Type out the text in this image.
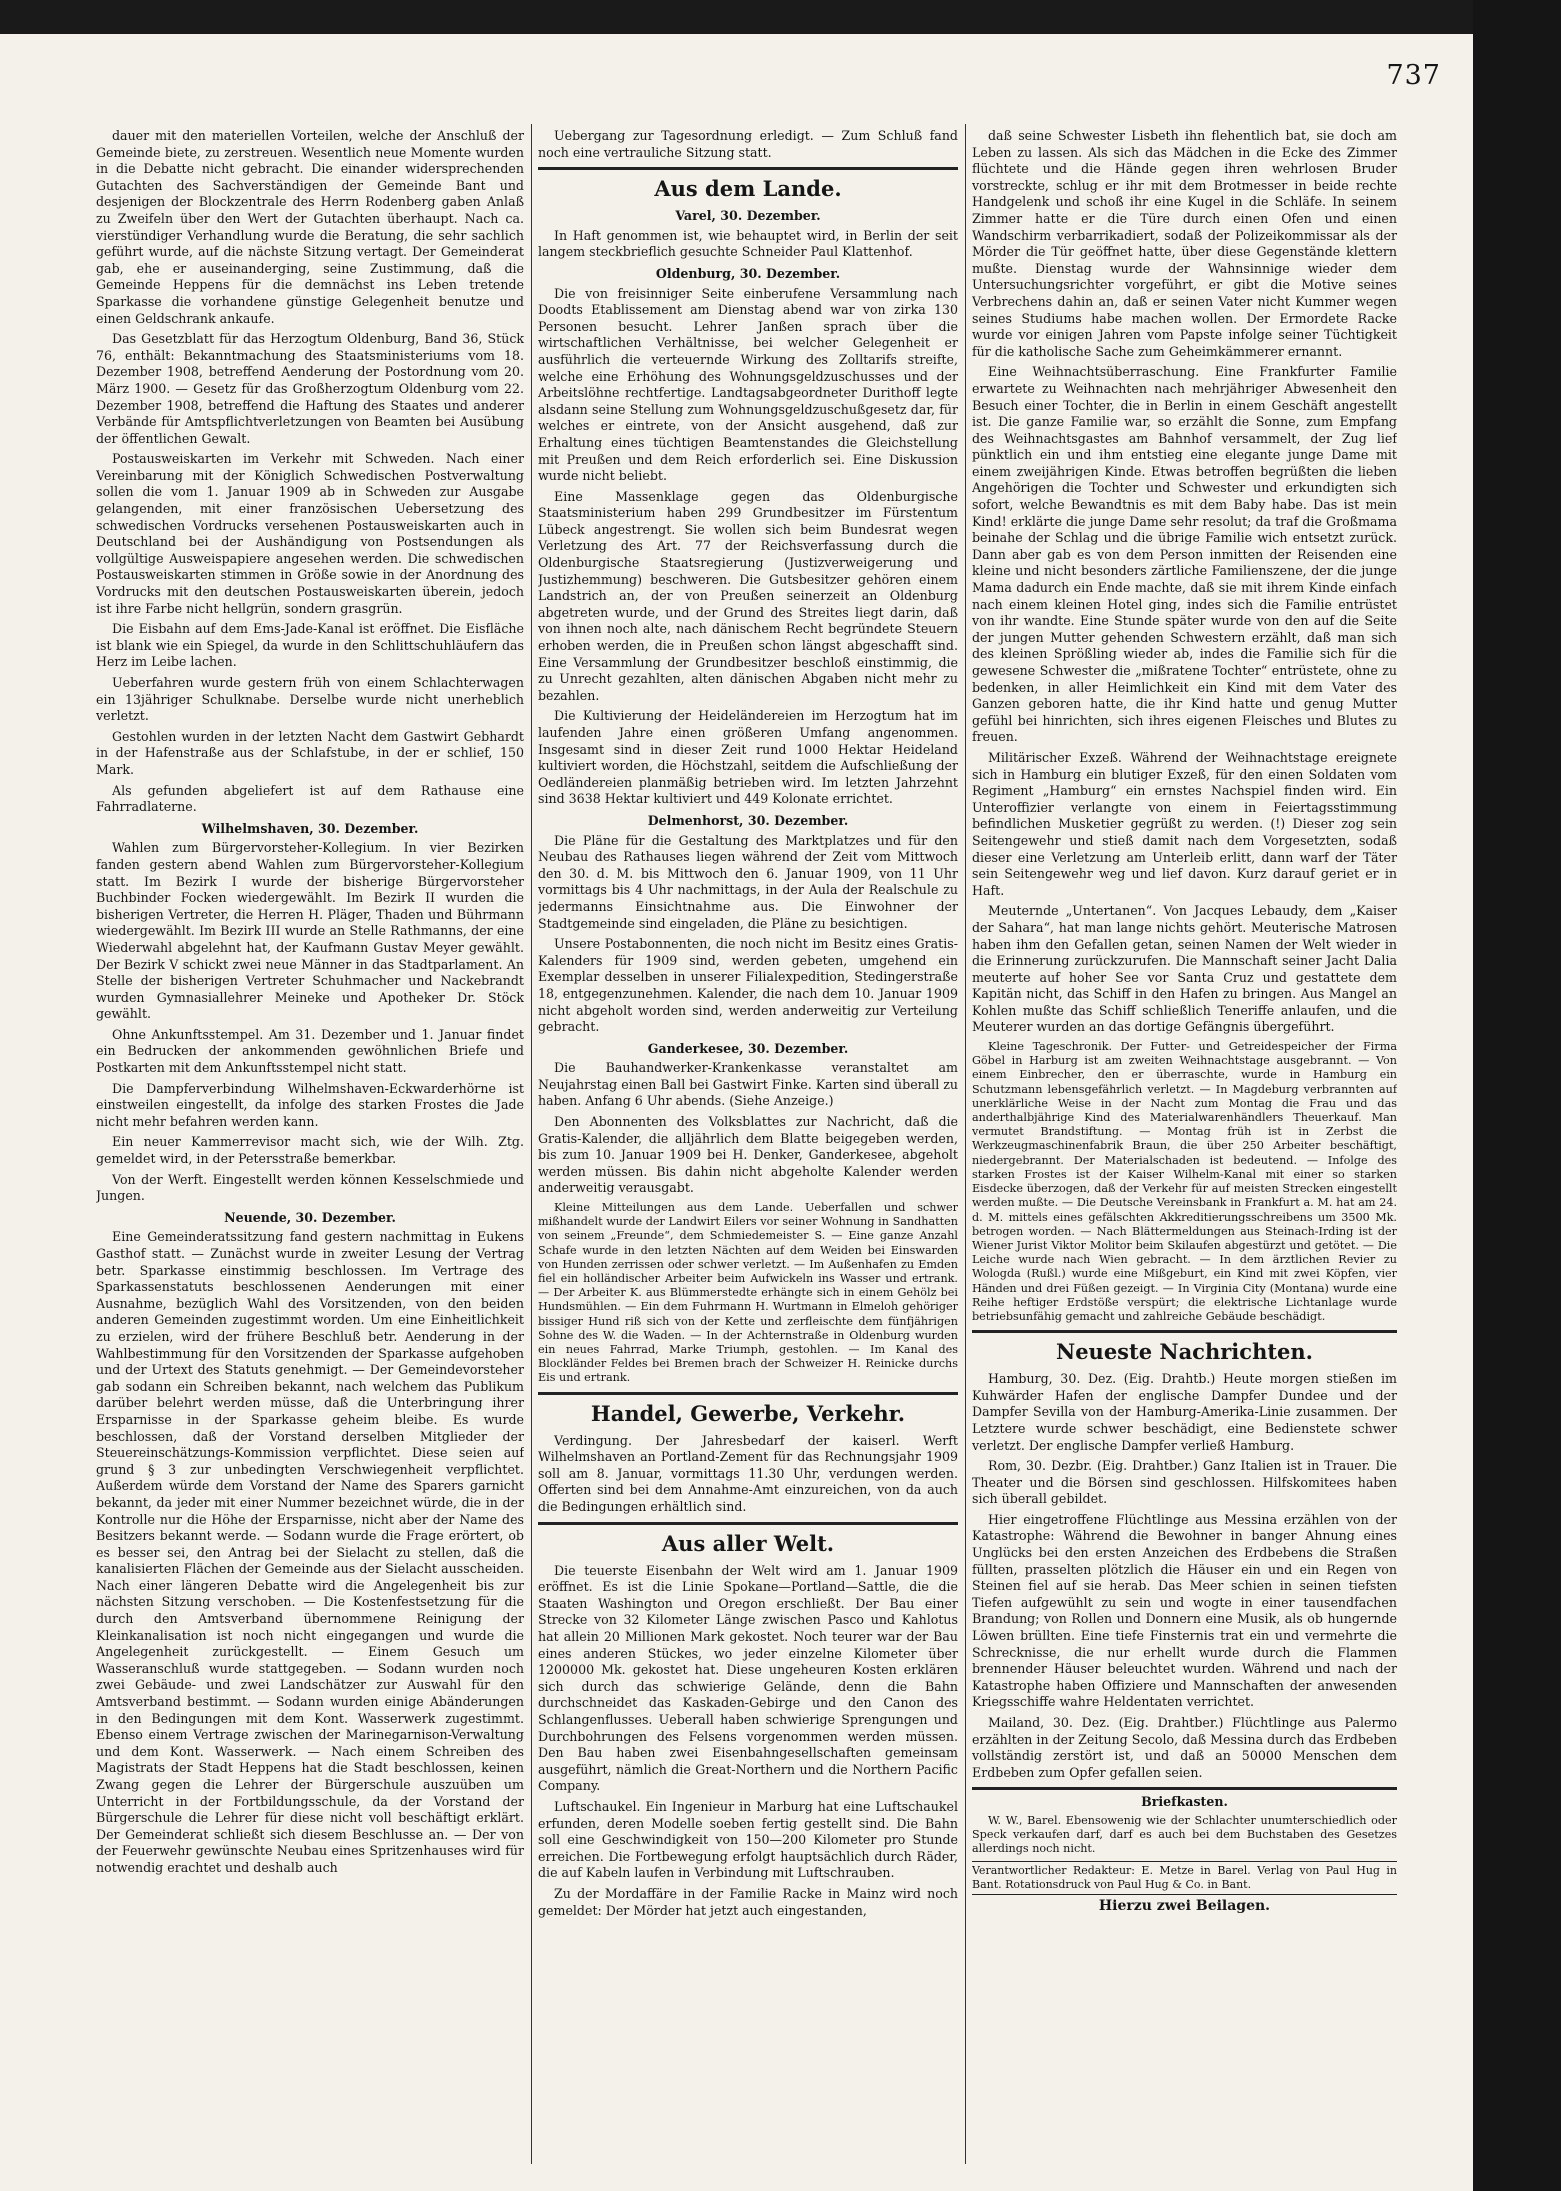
737

dauer mit den materiellen Vorteilen, welche der Anschluß der Gemeinde biete, zu zerstreuen. Wesentlich neue Momente wurden in die Debatte nicht gebracht. Die einander widersprechenden Gutachten des Sachverständigen der Gemeinde Bant und desjenigen der Blockzentrale des Herrn Rodenberg gaben Anlaß zu Zweifeln über den Wert der Gutachten überhaupt. Nach ca. vierstündiger Verhandlung wurde die Beratung, die sehr sachlich geführt wurde, auf die nächste Sitzung vertagt. Der Gemeinderat gab, ehe er auseinanderging, seine Zustimmung, daß die Gemeinde Heppens für die demnächst ins Leben tretende Sparkasse die vorhandene günstige Gelegenheit benutze und einen Geldschrank ankaufe.

Das Gesetzblatt für das Herzogtum Oldenburg, Band 36, Stück 76, enthält: Bekanntmachung des Staatsministeriums vom 18. Dezember 1908, betreffend Aenderung der Postordnung vom 20. März 1900. — Gesetz für das Großherzogtum Oldenburg vom 22. Dezember 1908, betreffend die Haftung des Staates und anderer Verbände für Amtspflichtverletzungen von Beamten bei Ausübung der öffentlichen Gewalt.

Postausweiskarten im Verkehr mit Schweden. Nach einer Vereinbarung mit der Königlich Schwedischen Postverwaltung sollen die vom 1. Januar 1909 ab in Schweden zur Ausgabe gelangenden, mit einer französischen Uebersetzung des schwedischen Vordrucks versehenen Postausweiskarten auch in Deutschland bei der Aushändigung von Postsendungen als vollgültige Ausweispapiere angesehen werden. Die schwedischen Postausweiskarten stimmen in Größe sowie in der Anordnung des Vordrucks mit den deutschen Postausweiskarten überein, jedoch ist ihre Farbe nicht hellgrün, sondern grasgrün.

Die Eisbahn auf dem Ems-Jade-Kanal ist eröffnet. Die Eisfläche ist blank wie ein Spiegel, da wurde in den Schlittschuhläufern das Herz im Leibe lachen.

Ueberfahren wurde gestern früh von einem Schlachterwagen ein 13jähriger Schulknabe. Derselbe wurde nicht unerheblich verletzt.

Gestohlen wurden in der letzten Nacht dem Gastwirt Gebhardt in der Hafenstraße aus der Schlafstube, in der er schlief, 150 Mark.

Als gefunden abgeliefert ist auf dem Rathause eine Fahrradlaterne.

Wilhelmshaven, 30. Dezember.

Wahlen zum Bürgervorsteher-Kollegium. In vier Bezirken fanden gestern abend Wahlen zum Bürgervorsteher-Kollegium statt. Im Bezirk I wurde der bisherige Bürgervorsteher Buchbinder Focken wiedergewählt. Im Bezirk II wurden die bisherigen Vertreter, die Herren H. Pläger, Thaden und Bührmann wiedergewählt. Im Bezirk III wurde an Stelle Rathmanns, der eine Wiederwahl abgelehnt hat, der Kaufmann Gustav Meyer gewählt. Der Bezirk V schickt zwei neue Männer in das Stadtparlament. An Stelle der bisherigen Vertreter Schuhmacher und Nackebrandt wurden Gymnasiallehrer Meineke und Apotheker Dr. Stöck gewählt.

Ohne Ankunftsstempel. Am 31. Dezember und 1. Januar findet ein Bedrucken der ankommenden gewöhnlichen Briefe und Postkarten mit dem Ankunftsstempel nicht statt.

Die Dampferverbindung Wilhelmshaven-Eckwarderhörne ist einstweilen eingestellt, da infolge des starken Frostes die Jade nicht mehr befahren werden kann.

Ein neuer Kammerrevisor macht sich, wie der Wilh. Ztg. gemeldet wird, in der Petersstraße bemerkbar.

Von der Werft. Eingestellt werden können Kesselschmiede und Jungen.

Neuende, 30. Dezember.

Eine Gemeinderatssitzung fand gestern nachmittag in Eukens Gasthof statt. — Zunächst wurde in zweiter Lesung der Vertrag betr. Sparkasse einstimmig beschlossen. Im Vertrage des Sparkassenstatuts beschlossenen Aenderungen mit einer Ausnahme, bezüglich Wahl des Vorsitzenden, von den beiden anderen Gemeinden zugestimmt worden. Um eine Einheitlichkeit zu erzielen, wird der frühere Beschluß betr. Aenderung in der Wahlbestimmung für den Vorsitzenden der Sparkasse aufgehoben und der Urtext des Statuts genehmigt. — Der Gemeindevorsteher gab sodann ein Schreiben bekannt, nach welchem das Publikum darüber belehrt werden müsse, daß die Unterbringung ihrer Ersparnisse in der Sparkasse geheim bleibe. Es wurde beschlossen, daß der Vorstand derselben Mitglieder der Steuereinschätzungs-Kommission verpflichtet. Diese seien auf grund § 3 zur unbedingten Verschwiegenheit verpflichtet. Außerdem würde dem Vorstand der Name des Sparers garnicht bekannt, da jeder mit einer Nummer bezeichnet würde, die in der Kontrolle nur die Höhe der Ersparnisse, nicht aber der Name des Besitzers bekannt werde. — Sodann wurde die Frage erörtert, ob es besser sei, den Antrag bei der Sielacht zu stellen, daß die kanalisierten Flächen der Gemeinde aus der Sielacht ausscheiden. Nach einer längeren Debatte wird die Angelegenheit bis zur nächsten Sitzung verschoben. — Die Kostenfestsetzung für die durch den Amtsverband übernommene Reinigung der Kleinkanalisation ist noch nicht eingegangen und wurde die Angelegenheit zurückgestellt. — Einem Gesuch um Wasseranschluß wurde stattgegeben. — Sodann wurden noch zwei Gebäude- und zwei Landschätzer zur Auswahl für den Amtsverband bestimmt. — Sodann wurden einige Abänderungen in den Bedingungen mit dem Kont. Wasserwerk zugestimmt. Ebenso einem Vertrage zwischen der Marinegarnison-Verwaltung und dem Kont. Wasserwerk. — Nach einem Schreiben des Magistrats der Stadt Heppens hat die Stadt beschlossen, keinen Zwang gegen die Lehrer der Bürgerschule auszuüben um Unterricht in der Fortbildungsschule, da der Vorstand der Bürgerschule die Lehrer für diese nicht voll beschäftigt erklärt. Der Gemeinderat schließt sich diesem Beschlusse an. — Der von der Feuerwehr gewünschte Neubau eines Spritzenhauses wird für notwendig erachtet und deshalb auch

Uebergang zur Tagesordnung erledigt. — Zum Schluß fand noch eine vertrauliche Sitzung statt.

Aus dem Lande.
Varel, 30. Dezember.

In Haft genommen ist, wie behauptet wird, in Berlin der seit langem steckbrieflich gesuchte Schneider Paul Klattenhof.

Oldenburg, 30. Dezember.

Die von freisinniger Seite einberufene Versammlung nach Doodts Etablissement am Dienstag abend war von zirka 130 Personen besucht. Lehrer Janßen sprach über die wirtschaftlichen Verhältnisse, bei welcher Gelegenheit er ausführlich die verteuernde Wirkung des Zolltarifs streifte, welche eine Erhöhung des Wohnungsgeldzuschusses und der Arbeitslöhne rechtfertige. Landtagsabgeordneter Durithoff legte alsdann seine Stellung zum Wohnungsgeldzuschußgesetz dar, für welches er eintrete, von der Ansicht ausgehend, daß zur Erhaltung eines tüchtigen Beamtenstandes die Gleichstellung mit Preußen und dem Reich erforderlich sei. Eine Diskussion wurde nicht beliebt.

Eine Massenklage gegen das Oldenburgische Staatsministerium haben 299 Grundbesitzer im Fürstentum Lübeck angestrengt. Sie wollen sich beim Bundesrat wegen Verletzung des Art. 77 der Reichsverfassung durch die Oldenburgische Staatsregierung (Justizverweigerung und Justizhemmung) beschweren. Die Gutsbesitzer gehören einem Landstrich an, der von Preußen seinerzeit an Oldenburg abgetreten wurde, und der Grund des Streites liegt darin, daß von ihnen noch alte, nach dänischem Recht begründete Steuern erhoben werden, die in Preußen schon längst abgeschafft sind. Eine Versammlung der Grundbesitzer beschloß einstimmig, die zu Unrecht gezahlten, alten dänischen Abgaben nicht mehr zu bezahlen.

Die Kultivierung der Heideländereien im Herzogtum hat im laufenden Jahre einen größeren Umfang angenommen. Insgesamt sind in dieser Zeit rund 1000 Hektar Heideland kultiviert worden, die Höchstzahl, seitdem die Aufschließung der Oedländereien planmäßig betrieben wird. Im letzten Jahrzehnt sind 3638 Hektar kultiviert und 449 Kolonate errichtet.

Delmenhorst, 30. Dezember.

Die Pläne für die Gestaltung des Marktplatzes und für den Neubau des Rathauses liegen während der Zeit vom Mittwoch den 30. d. M. bis Mittwoch den 6. Januar 1909, von 11 Uhr vormittags bis 4 Uhr nachmittags, in der Aula der Realschule zu jedermanns Einsichtnahme aus. Die Einwohner der Stadtgemeinde sind eingeladen, die Pläne zu besichtigen.

Unsere Postabonnenten, die noch nicht im Besitz eines Gratis-Kalenders für 1909 sind, werden gebeten, umgehend ein Exemplar desselben in unserer Filialexpedition, Stedingerstraße 18, entgegenzunehmen. Kalender, die nach dem 10. Januar 1909 nicht abgeholt worden sind, werden anderweitig zur Verteilung gebracht.

Ganderkesee, 30. Dezember.

Die Bauhandwerker-Krankenkasse veranstaltet am Neujahrstag einen Ball bei Gastwirt Finke. Karten sind überall zu haben. Anfang 6 Uhr abends. (Siehe Anzeige.)

Den Abonnenten des Volksblattes zur Nachricht, daß die Gratis-Kalender, die alljährlich dem Blatte beigegeben werden, bis zum 10. Januar 1909 bei H. Denker, Ganderkesee, abgeholt werden müssen. Bis dahin nicht abgeholte Kalender werden anderweitig verausgabt.

Kleine Mitteilungen aus dem Lande. Ueberfallen und schwer mißhandelt wurde der Landwirt Eilers vor seiner Wohnung in Sandhatten von seinem „Freunde“, dem Schmiedemeister S. — Eine ganze Anzahl Schafe wurde in den letzten Nächten auf dem Weiden bei Einswarden von Hunden zerrissen oder schwer verletzt. — Im Außenhafen zu Emden fiel ein holländischer Arbeiter beim Aufwickeln ins Wasser und ertrank. — Der Arbeiter K. aus Blümmerstedte erhängte sich in einem Gehölz bei Hundsmühlen. — Ein dem Fuhrmann H. Wurtmann in Elmeloh gehöriger bissiger Hund riß sich von der Kette und zerfleischte dem fünfjährigen Sohne des W. die Waden. — In der Achternstraße in Oldenburg wurden ein neues Fahrrad, Marke Triumph, gestohlen. — Im Kanal des Blockländer Feldes bei Bremen brach der Schweizer H. Reinicke durchs Eis und ertrank.

Handel, Gewerbe, Verkehr.

Verdingung. Der Jahresbedarf der kaiserl. Werft Wilhelmshaven an Portland-Zement für das Rechnungsjahr 1909 soll am 8. Januar, vormittags 11.30 Uhr, verdungen werden. Offerten sind bei dem Annahme-Amt einzureichen, von da auch die Bedingungen erhältlich sind.

Aus aller Welt.

Die teuerste Eisenbahn der Welt wird am 1. Januar 1909 eröffnet. Es ist die Linie Spokane—Portland—Sattle, die die Staaten Washington und Oregon erschließt. Der Bau einer Strecke von 32 Kilometer Länge zwischen Pasco und Kahlotus hat allein 20 Millionen Mark gekostet. Noch teurer war der Bau eines anderen Stückes, wo jeder einzelne Kilometer über 1200000 Mk. gekostet hat. Diese ungeheuren Kosten erklären sich durch das schwierige Gelände, denn die Bahn durchschneidet das Kaskaden-Gebirge und den Canon des Schlangenflusses. Ueberall haben schwierige Sprengungen und Durchbohrungen des Felsens vorgenommen werden müssen. Den Bau haben zwei Eisenbahngesellschaften gemeinsam ausgeführt, nämlich die Great-Northern und die Northern Pacific Company.

Luftschaukel. Ein Ingenieur in Marburg hat eine Luftschaukel erfunden, deren Modelle soeben fertig gestellt sind. Die Bahn soll eine Geschwindigkeit von 150—200 Kilometer pro Stunde erreichen. Die Fortbewegung erfolgt hauptsächlich durch Räder, die auf Kabeln laufen in Verbindung mit Luftschrauben.

Zu der Mordaffäre in der Familie Racke in Mainz wird noch gemeldet: Der Mörder hat jetzt auch eingestanden,

daß seine Schwester Lisbeth ihn flehentlich bat, sie doch am Leben zu lassen. Als sich das Mädchen in die Ecke des Zimmer flüchtete und die Hände gegen ihren wehrlosen Bruder vorstreckte, schlug er ihr mit dem Brotmesser in beide rechte Handgelenk und schoß ihr eine Kugel in die Schläfe. In seinem Zimmer hatte er die Türe durch einen Ofen und einen Wandschirm verbarrikadiert, sodaß der Polizeikommissar als der Mörder die Tür geöffnet hatte, über diese Gegenstände klettern mußte. Dienstag wurde der Wahnsinnige wieder dem Untersuchungsrichter vorgeführt, er gibt die Motive seines Verbrechens dahin an, daß er seinen Vater nicht Kummer wegen seines Studiums habe machen wollen. Der Ermordete Racke wurde vor einigen Jahren vom Papste infolge seiner Tüchtigkeit für die katholische Sache zum Geheimkämmerer ernannt.

Eine Weihnachtsüberraschung. Eine Frankfurter Familie erwartete zu Weihnachten nach mehrjähriger Abwesenheit den Besuch einer Tochter, die in Berlin in einem Geschäft angestellt ist. Die ganze Familie war, so erzählt die Sonne, zum Empfang des Weihnachtsgastes am Bahnhof versammelt, der Zug lief pünktlich ein und ihm entstieg eine elegante junge Dame mit einem zweijährigen Kinde. Etwas betroffen begrüßten die lieben Angehörigen die Tochter und Schwester und erkundigten sich sofort, welche Bewandtnis es mit dem Baby habe. Das ist mein Kind! erklärte die junge Dame sehr resolut; da traf die Großmama beinahe der Schlag und die übrige Familie wich entsetzt zurück. Dann aber gab es von dem Person inmitten der Reisenden eine kleine und nicht besonders zärtliche Familienszene, der die junge Mama dadurch ein Ende machte, daß sie mit ihrem Kinde einfach nach einem kleinen Hotel ging, indes sich die Familie entrüstet von ihr wandte. Eine Stunde später wurde von den auf die Seite der jungen Mutter gehenden Schwestern erzählt, daß man sich des kleinen Sprößling wieder ab, indes die Familie sich für die gewesene Schwester die „mißratene Tochter“ entrüstete, ohne zu bedenken, in aller Heimlichkeit ein Kind mit dem Vater des Ganzen geboren hatte, die ihr Kind hatte und genug Mutter gefühl bei hinrichten, sich ihres eigenen Fleisches und Blutes zu freuen.

Militärischer Exzeß. Während der Weihnachtstage ereignete sich in Hamburg ein blutiger Exzeß, für den einen Soldaten vom Regiment „Hamburg“ ein ernstes Nachspiel finden wird. Ein Unteroffizier verlangte von einem in Feiertagsstimmung befindlichen Musketier gegrüßt zu werden. (!) Dieser zog sein Seitengewehr und stieß damit nach dem Vorgesetzten, sodaß dieser eine Verletzung am Unterleib erlitt, dann warf der Täter sein Seitengewehr weg und lief davon. Kurz darauf geriet er in Haft.

Meuternde „Untertanen“. Von Jacques Lebaudy, dem „Kaiser der Sahara“, hat man lange nichts gehört. Meuterische Matrosen haben ihm den Gefallen getan, seinen Namen der Welt wieder in die Erinnerung zurückzurufen. Die Mannschaft seiner Jacht Dalia meuterte auf hoher See vor Santa Cruz und gestattete dem Kapitän nicht, das Schiff in den Hafen zu bringen. Aus Mangel an Kohlen mußte das Schiff schließlich Teneriffe anlaufen, und die Meuterer wurden an das dortige Gefängnis übergeführt.

Kleine Tageschronik. Der Futter- und Getreidespeicher der Firma Göbel in Harburg ist am zweiten Weihnachtstage ausgebrannt. — Von einem Einbrecher, den er überraschte, wurde in Hamburg ein Schutzmann lebensgefährlich verletzt. — In Magdeburg verbrannten auf unerklärliche Weise in der Nacht zum Montag die Frau und das anderthalbjährige Kind des Materialwarenhändlers Theuerkauf. Man vermutet Brandstiftung. — Montag früh ist in Zerbst die Werkzeugmaschinenfabrik Braun, die über 250 Arbeiter beschäftigt, niedergebrannt. Der Materialschaden ist bedeutend. — Infolge des starken Frostes ist der Kaiser Wilhelm-Kanal mit einer so starken Eisdecke überzogen, daß der Verkehr für auf meisten Strecken eingestellt werden mußte. — Die Deutsche Vereinsbank in Frankfurt a. M. hat am 24. d. M. mittels eines gefälschten Akkreditierungsschreibens um 3500 Mk. betrogen worden. — Nach Blättermeldungen aus Steinach-Irding ist der Wiener Jurist Viktor Molitor beim Skilaufen abgestürzt und getötet. — Die Leiche wurde nach Wien gebracht. — In dem ärztlichen Revier zu Wologda (Rußl.) wurde eine Mißgeburt, ein Kind mit zwei Köpfen, vier Händen und drei Füßen gezeigt. — In Virginia City (Montana) wurde eine Reihe heftiger Erdstöße verspürt; die elektrische Lichtanlage wurde betriebsunfähig gemacht und zahlreiche Gebäude beschädigt.

Neueste Nachrichten.

Hamburg, 30. Dez. (Eig. Drahtb.) Heute morgen stießen im Kuhwärder Hafen der englische Dampfer Dundee und der Dampfer Sevilla von der Hamburg-Amerika-Linie zusammen. Der Letztere wurde schwer beschädigt, eine Bedienstete schwer verletzt. Der englische Dampfer verließ Hamburg.

Rom, 30. Dezbr. (Eig. Drahtber.) Ganz Italien ist in Trauer. Die Theater und die Börsen sind geschlossen. Hilfskomitees haben sich überall gebildet.

Hier eingetroffene Flüchtlinge aus Messina erzählen von der Katastrophe: Während die Bewohner in banger Ahnung eines Unglücks bei den ersten Anzeichen des Erdbebens die Straßen füllten, prasselten plötzlich die Häuser ein und ein Regen von Steinen fiel auf sie herab. Das Meer schien in seinen tiefsten Tiefen aufgewühlt zu sein und wogte in einer tausendfachen Brandung; von Rollen und Donnern eine Musik, als ob hungernde Löwen brüllten. Eine tiefe Finsternis trat ein und vermehrte die Schrecknisse, die nur erhellt wurde durch die Flammen brennender Häuser beleuchtet wurden. Während und nach der Katastrophe haben Offiziere und Mannschaften der anwesenden Kriegsschiffe wahre Heldentaten verrichtet.

Mailand, 30. Dez. (Eig. Drahtber.) Flüchtlinge aus Palermo erzählten in der Zeitung Secolo, daß Messina durch das Erdbeben vollständig zerstört ist, und daß an 50000 Menschen dem Erdbeben zum Opfer gefallen seien.

Briefkasten.

W. W., Barel. Ebensowenig wie der Schlachter unumterschiedlich oder Speck verkaufen darf, darf es auch bei dem Buchstaben des Gesetzes allerdings noch nicht.

Verantwortlicher Redakteur: E. Metze in Barel. Verlag von Paul Hug in Bant. Rotationsdruck von Paul Hug & Co. in Bant.
Hierzu zwei Beilagen.
